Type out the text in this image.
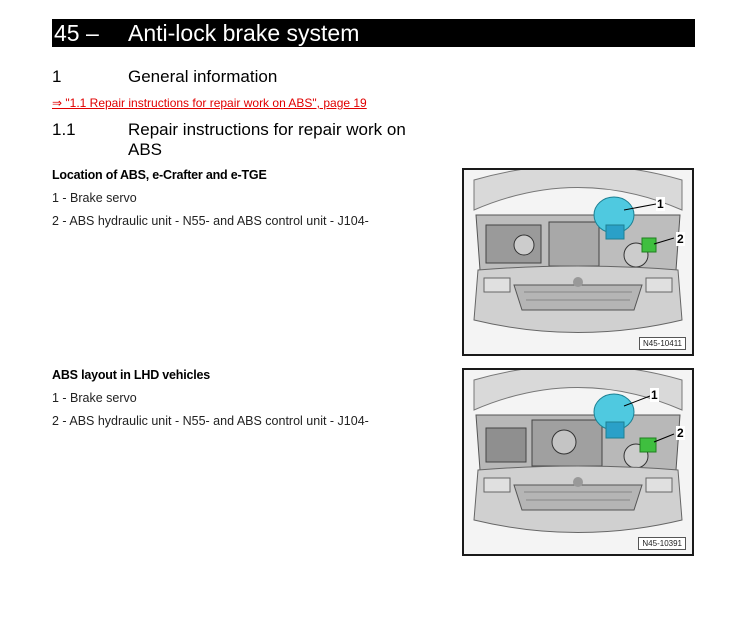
45 – Anti-lock brake system
1	General information
⇒ "1.1 Repair instructions for repair work on ABS", page 19
1.1	Repair instructions for repair work on
ABS
Location of ABS, e-Crafter and e-TGE
1 - Brake servo
2 - ABS hydraulic unit - N55- and ABS control unit - J104-
1
2
N45-10411
ABS layout in LHD vehicles
1 - Brake servo
2 - ABS hydraulic unit - N55- and ABS control unit - J104-
1
2
N45-10391
